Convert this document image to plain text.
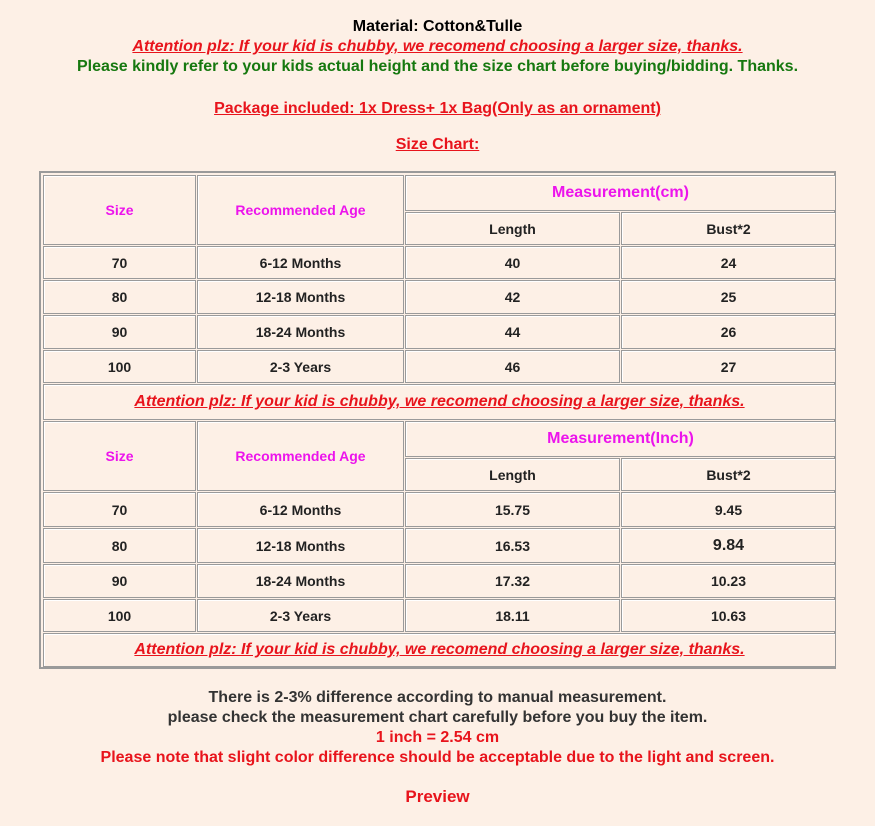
Material: Cotton&Tulle
Attention plz: If your kid is chubby, we recomend choosing a larger size, thanks.
Please kindly refer to your kids actual height and the size chart before buying/bidding. Thanks.
Package included: 1x Dress+ 1x Bag(Only as an ornament)
Size Chart:
Size	Recommended Age
Measurement(cm)
Length	Bust*2
70	6-12 Months	40	24
80	12-18 Months	42	25
90	18-24 Months	44	26
100	2-3 Years	46	27
Attention plz: If your kid is chubby, we recomend choosing a larger size, thanks.
Size	Recommended Age
Measurement(Inch)
Length	Bust*2
70	6-12 Months	15.75	9.45
80	12-18 Months	16.53	9.84
90	18-24 Months	17.32	10.23
100	2-3 Years	18.11	10.63
Attention plz: If your kid is chubby, we recomend choosing a larger size, thanks.
There is 2-3% difference according to manual measurement.
please check the measurement chart carefully before you buy the item.
1 inch = 2.54 cm
Please note that slight color difference should be acceptable due to the light and screen.
Preview
